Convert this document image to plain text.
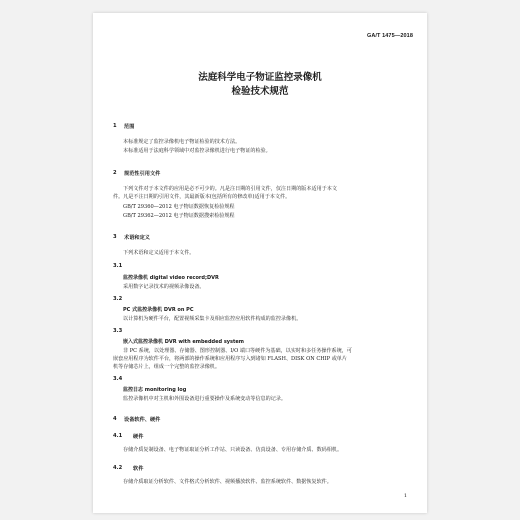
GA/T 1475—2018
法庭科学电子物证监控录像机
检验技术规范
1 范围
本标准规定了监控录像机电子物证检验的技术方法。
本标准适用于法庭科学领域中对监控录像机进行电子物证的检验。
2 规范性引用文件
下列文件对于本文件的应用是必不可少的。凡是注日期的引用文件，仅注日期的版本适用于本文
件。凡是不注日期的引用文件，其最新版本(包括所有的修改单)适用于本文件。
GB/T 29360—2012 电子物证数据恢复检验规程
GB/T 29362—2012 电子物证数据搜索检验规程
3 术语和定义
下列术语和定义适用于本文件。
3.1
监控录像机 digital video record;DVR
采用数字记录技术的视频录像设备。
3.2
PC 式监控录像机 DVR on PC
以计算机为硬件平台，配置视频采集卡及相应监控应用软件构成的监控录像机。
3.3
嵌入式监控录像机 DVR with embedded system
非 PC 系统，以处理器、存储器、图形控制器、I/O 端口等硬件为基础，以实时和多任务操作系统，可
嵌套应用程序为软件平台，将两部的操作系统和应用程序写入到诸如 FLASH、DISK ON CHIP 或单片
机等存储芯片上，组成一个完整的监控录像机。
3.4
监控日志 monitoring log
监控录像机中对主机和外围设备进行重要操作及系统变动等信息的记录。
4 设备软件、硬件
4.1 硬件
存储介质复制设备、电子物证取证分析工作站、只读设备、仿真设备、专用存储介质、数码相机。
4.2 软件
存储介质取证分析软件、文件格式分析软件、视频播放软件、监控系统软件、数据恢复软件。
1
